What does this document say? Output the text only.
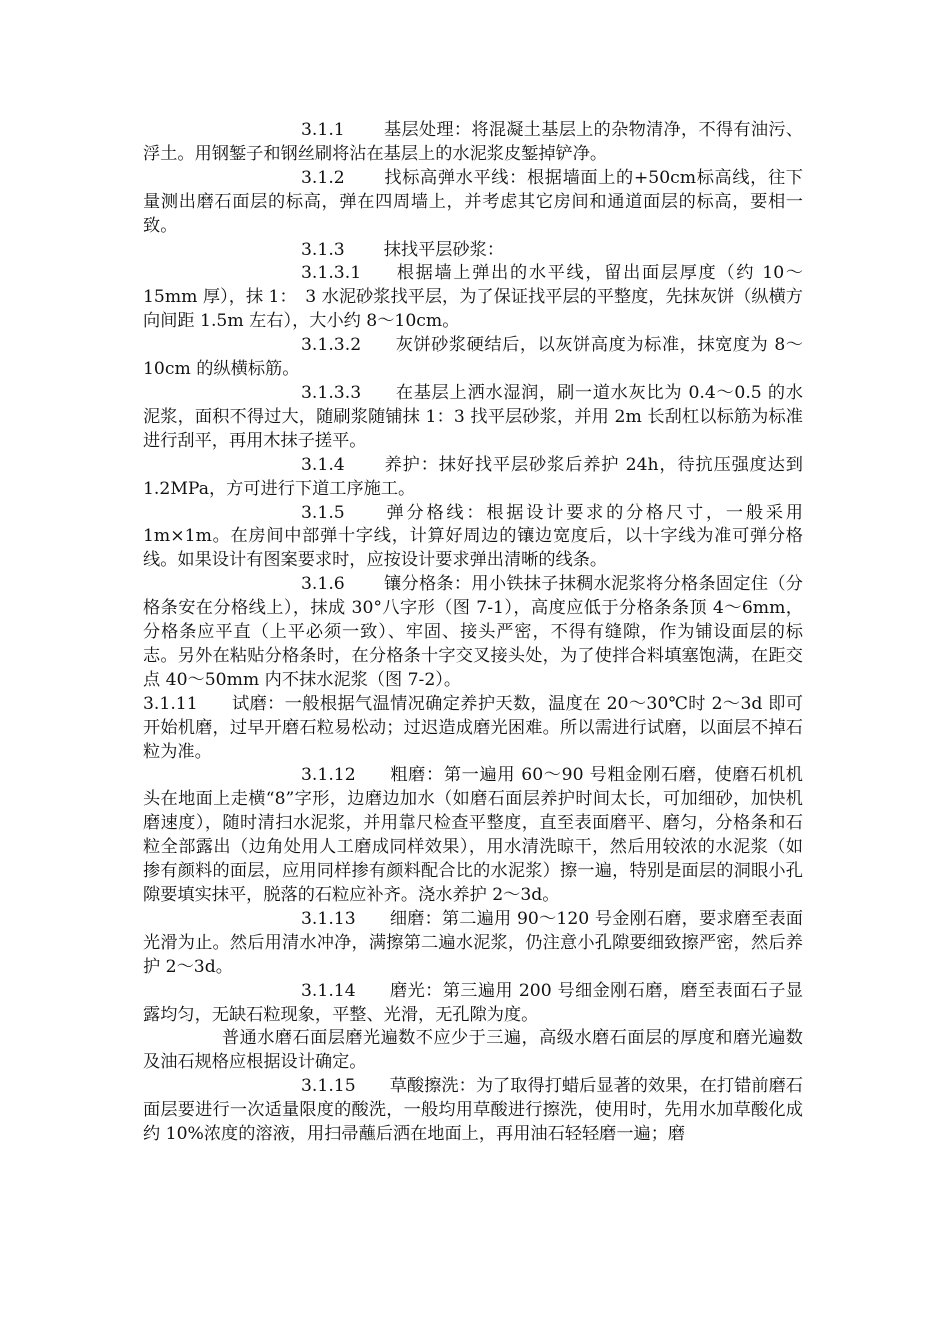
3.1.1 基层处理：将混凝土基层上的杂物清净，不得有油污、浮土。用钢錾子和钢丝刷将沾在基层上的水泥浆皮錾掉铲净。

3.1.2 找标高弹水平线：根据墙面上的+50cm标高线，往下量测出磨石面层的标高，弹在四周墙上，并考虑其它房间和通道面层的标高，要相一致。

3.1.3 抹找平层砂浆：

3.1.3.1 根据墙上弹出的水平线，留出面层厚度（约 10～15mm 厚），抹 1：　3 水泥砂浆找平层，为了保证找平层的平整度，先抹灰饼（纵横方向间距 1.5m 左右），大小约 8～10cm。

3.1.3.2 灰饼砂浆硬结后，以灰饼高度为标准，抹宽度为 8～10cm 的纵横标筋。

3.1.3.3 在基层上洒水湿润，刷一道水灰比为 0.4～0.5 的水泥浆，面积不得过大，随刷浆随铺抹 1：3 找平层砂浆，并用 2m 长刮杠以标筋为标准进行刮平，再用木抹子搓平。

3.1.4 养护：抹好找平层砂浆后养护 24h，待抗压强度达到 1.2MPa，方可进行下道工序施工。

3.1.5 弹分格线：根据设计要求的分格尺寸，一般采用 1m×1m。在房间中部弹十字线，计算好周边的镶边宽度后，以十字线为准可弹分格线。如果设计有图案要求时，应按设计要求弹出清晰的线条。

3.1.6 镶分格条：用小铁抹子抹稠水泥浆将分格条固定住（分格条安在分格线上），抹成 30°八字形（图 7-1），高度应低于分格条条顶 4～6mm，分格条应平直（上平必须一致）、牢固、接头严密，不得有缝隙，作为铺设面层的标志。另外在粘贴分格条时，在分格条十字交叉接头处，为了使拌合料填塞饱满，在距交点 40～50mm 内不抹水泥浆（图 7-2）。

3.1.11 试磨：一般根据气温情况确定养护天数，温度在 20～30℃时 2～3d 即可开始机磨，过早开磨石粒易松动；过迟造成磨光困难。所以需进行试磨，以面层不掉石粒为准。

3.1.12 粗磨：第一遍用 60～90 号粗金刚石磨，使磨石机机头在地面上走横“8”字形，边磨边加水（如磨石面层养护时间太长，可加细砂，加快机磨速度），随时清扫水泥浆，并用靠尺检查平整度，直至表面磨平、磨匀，分格条和石粒全部露出（边角处用人工磨成同样效果），用水清洗晾干，然后用较浓的水泥浆（如掺有颜料的面层，应用同样掺有颜料配合比的水泥浆）擦一遍，特别是面层的洞眼小孔隙要填实抹平，脱落的石粒应补齐。浇水养护 2～3d。

3.1.13 细磨：第二遍用 90～120 号金刚石磨，要求磨至表面光滑为止。然后用清水冲净，满擦第二遍水泥浆，仍注意小孔隙要细致擦严密，然后养护 2～3d。

3.1.14 磨光：第三遍用 200 号细金刚石磨，磨至表面石子显露均匀，无缺石粒现象，平整、光滑，无孔隙为度。

普通水磨石面层磨光遍数不应少于三遍，高级水磨石面层的厚度和磨光遍数及油石规格应根据设计确定。

3.1.15 草酸擦洗：为了取得打蜡后显著的效果，在打错前磨石面层要进行一次适量限度的酸洗，一般均用草酸进行擦洗，使用时，先用水加草酸化成约 10%浓度的溶液，用扫帚蘸后洒在地面上，再用油石轻轻磨一遍；磨
